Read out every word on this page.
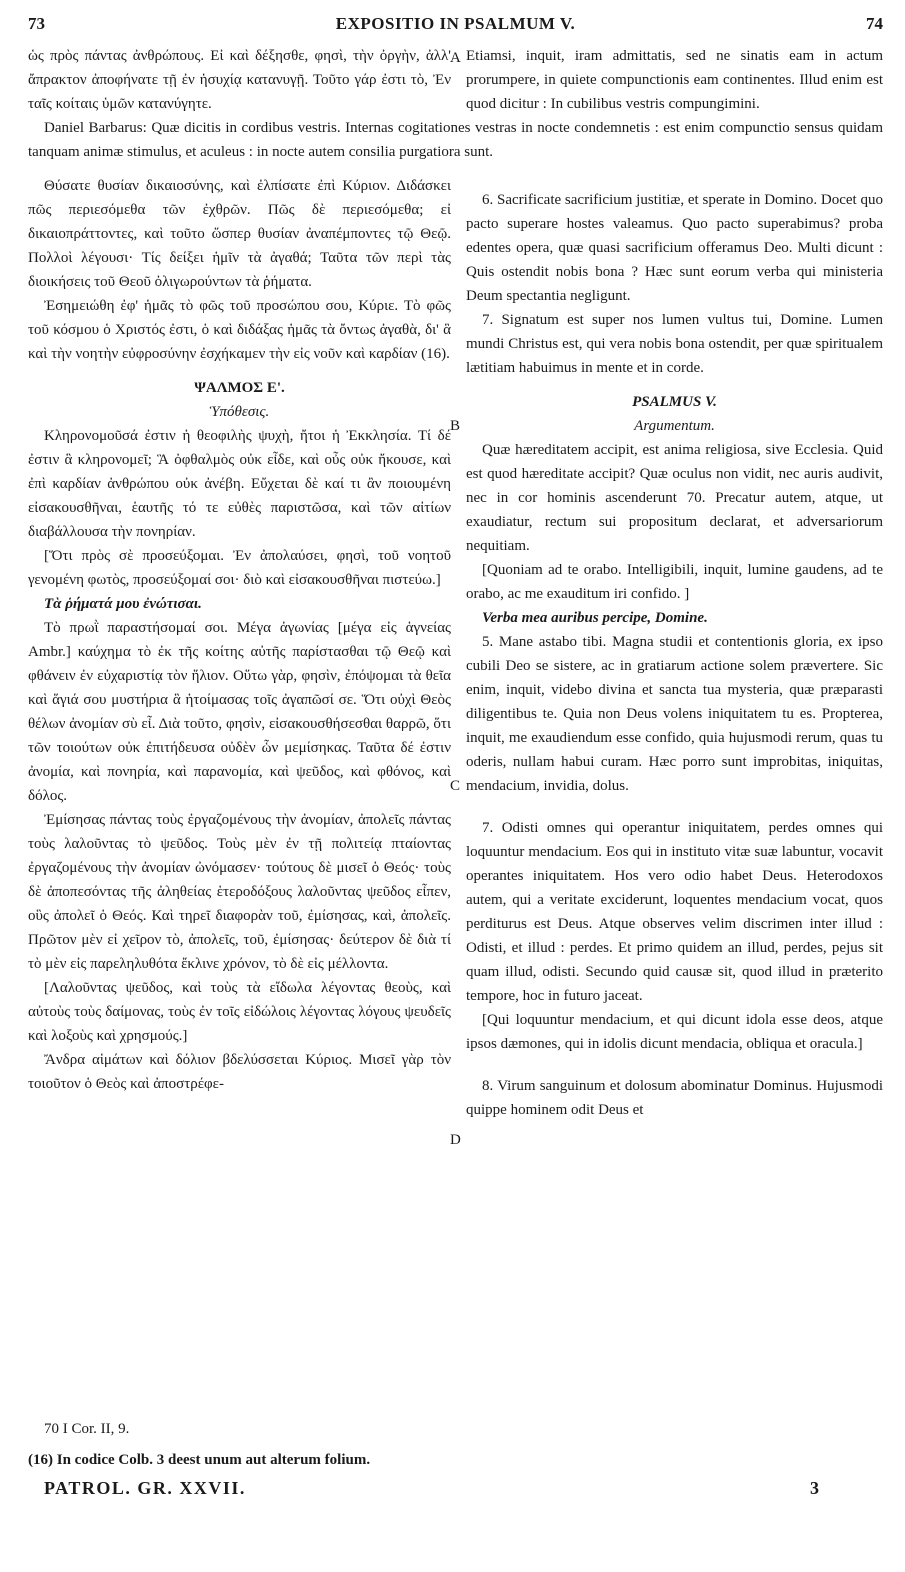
73	EXPOSITIO IN PSALMUM V.	74

ὡς πρὸς πάντας ἀνθρώπους. Εἰ καὶ δέξησθε, φησὶ, τὴν ὀργὴν, ἀλλ' ἄπρακτον ἀποφήνατε τῇ ἐν ἡσυχίᾳ κατανυγῇ. Τοῦτο γάρ ἐστι τὸ, Ἐν ταῖς κοίταις ὑμῶν κατανύγητε.

Daniel Barbarus: Quæ dicitis in cordibus vestris. Internas cogitationes vestras in nocte condemnetis : est enim compunctio sensus quidam tanquam animæ stimulus, et aculeus : in nocte autem consilia purgatiora sunt.

Θύσατε θυσίαν δικαιοσύνης, καὶ ἐλπίσατε ἐπὶ Κύριον. Διδάσκει πῶς περιεσόμεθα τῶν ἐχθρῶν. Πῶς δὲ περιεσόμεθα; εἰ δικαιοπράττοντες, καὶ τοῦτο ὥσπερ θυσίαν ἀναπέμποντες τῷ Θεῷ. Πολλοὶ λέγουσι· Τίς δείξει ἡμῖν τὰ ἀγαθά; Ταῦτα τῶν περὶ τὰς διοικήσεις τοῦ Θεοῦ ὀλιγωρούντων τὰ ῥήματα.

Ἐσημειώθη ἐφ' ἡμᾶς τὸ φῶς τοῦ προσώπου σου, Κύριε. Τὸ φῶς τοῦ κόσμου ὁ Χριστός ἐστι, ὁ καὶ διδάξας ἡμᾶς τὰ ὄντως ἀγαθὰ, δι' ἃ καὶ τὴν νοητὴν εὐφροσύνην ἐσχήκαμεν τὴν εἰς νοῦν καὶ καρδίαν (16).

ΨΑΛΜΟΣ Ε'.

Ὑπόθεσις.

Κληρονομοῦσά ἐστιν ἡ θεοφιλὴς ψυχὴ, ἤτοι ἡ Ἐκκλησία. Τί δέ ἐστιν ἃ κληρονομεῖ; Ἃ ὀφθαλμὸς οὐκ εἶδε, καὶ οὖς οὐκ ἤκουσε, καὶ ἐπὶ καρδίαν ἀνθρώπου οὐκ ἀνέβη. Εὔχεται δὲ καί τι ἂν ποιουμένη εἰσακουσθῆναι, ἑαυτῆς τό τε εὐθὲς παριστῶσα, καὶ τῶν αἰτίων διαβάλλουσα τὴν πονηρίαν.

[Ὅτι πρὸς σὲ προσεύξομαι. Ἐν ἀπολαύσει, φησὶ, τοῦ νοητοῦ γενομένη φωτὸς, προσεύξομαί σοι· διὸ καὶ εἰσακουσθῆναι πιστεύω.]

Τὰ ῥήματά μου ἐνώτισαι.

Τὸ πρωῒ παραστήσομαί σοι. Μέγα ἀγωνίας [μέγα εἰς ἁγνείας Ambr.] καύχημα τὸ ἐκ τῆς κοίτης αὐτῆς παρίστασθαι τῷ Θεῷ καὶ φθάνειν ἐν εὐχαριστίᾳ τὸν ἥλιον. Οὕτω γὰρ, φησὶν, ἐπόψομαι τὰ θεῖα καὶ ἅγιά σου μυστήρια ἃ ἡτοίμασας τοῖς ἀγαπῶσί σε. Ὅτι οὐχὶ Θεὸς θέλων ἀνομίαν σὺ εἶ. Διὰ τοῦτο, φησὶν, εἰσακουσθήσεσθαι θαρρῶ, ὅτι τῶν τοιούτων οὐκ ἐπιτήδευσα οὐδὲν ὧν μεμίσηκας. Ταῦτα δέ ἐστιν ἀνομία, καὶ πονηρία, καὶ παρανομία, καὶ ψεῦδος, καὶ φθόνος, καὶ δόλος.

Ἐμίσησας πάντας τοὺς ἐργαζομένους τὴν ἀνομίαν, ἀπολεῖς πάντας τοὺς λαλοῦντας τὸ ψεῦδος. Τοὺς μὲν ἐν τῇ πολιτείᾳ πταίοντας ἐργαζομένους τὴν ἀνομίαν ὠνόμασεν· τούτους δὲ μισεῖ ὁ Θεός· τοὺς δὲ ἀποπεσόντας τῆς ἀληθείας ἑτεροδόξους λαλοῦντας ψεῦδος εἶπεν, οὓς ἀπολεῖ ὁ Θεός. Καὶ τηρεῖ διαφορὰν τοῦ, ἐμίσησας, καὶ, ἀπολεῖς. Πρῶτον μὲν εἰ χεῖρον τὸ, ἀπολεῖς, τοῦ, ἐμίσησας· δεύτερον δὲ διὰ τί τὸ μὲν εἰς παρεληλυθότα ἔκλινε χρόνον, τὸ δὲ εἰς μέλλοντα.

[Λαλοῦντας ψεῦδος, καὶ τοὺς τὰ εἴδωλα λέγοντας θεοὺς, καὶ αὐτοὺς τοὺς δαίμονας, τοὺς ἐν τοῖς εἰδώλοις λέγοντας λόγους ψευδεῖς καὶ λοξοὺς καὶ χρησμούς.]

Ἄνδρα αἱμάτων καὶ δόλιον βδελύσσεται Κύριος. Μισεῖ γὰρ τὸν τοιοῦτον ὁ Θεὸς καὶ ἀποστρέφε-

Etiamsi, inquit, iram admittatis, sed ne sinatis eam in actum prorumpere, in quiete compunctionis eam continentes. Illud enim est quod dicitur : In cubilibus vestris compungimini.

6. Sacrificate sacrificium justitiæ, et sperate in Domino. Docet quo pacto superare hostes valeamus. Quo pacto superabimus? proba edentes opera, quæ quasi sacrificium offeramus Deo. Multi dicunt : Quis ostendit nobis bona ? Hæc sunt eorum verba qui ministeria Deum spectantia negligunt.

7. Signatum est super nos lumen vultus tui, Domine. Lumen mundi Christus est, qui vera nobis bona ostendit, per quæ spiritualem lætitiam habuimus in mente et in corde.

PSALMUS V.

Argumentum.

Quæ hæreditatem accipit, est anima religiosa, sive Ecclesia. Quid est quod hæreditate accipit? Quæ oculus non vidit, nec auris audivit, nec in cor hominis ascenderunt 70. Precatur autem, atque, ut exaudiatur, rectum sui propositum declarat, et adversariorum nequitiam.

[Quoniam ad te orabo. Intelligibili, inquit, lumine gaudens, ad te orabo, ac me exauditum iri confido. ]

Verba mea auribus percipe, Domine.

5. Mane astabo tibi. Magna studii et contentionis gloria, ex ipso cubili Deo se sistere, ac in gratiarum actione solem prævertere. Sic enim, inquit, videbo divina et sancta tua mysteria, quæ præparasti diligentibus te. Quia non Deus volens iniquitatem tu es. Propterea, inquit, me exaudiendum esse confido, quia hujusmodi rerum, quas tu oderis, nullam habui curam. Hæc porro sunt improbitas, iniquitas, mendacium, invidia, dolus.

7. Odisti omnes qui operantur iniquitatem, perdes omnes qui loquuntur mendacium. Eos qui in instituto vitæ suæ labuntur, vocavit operantes iniquitatem. Hos vero odio habet Deus. Heterodoxos autem, qui a veritate exciderunt, loquentes mendacium vocat, quos perditurus est Deus. Atque observes velim discrimen inter illud : Odisti, et illud : perdes. Et primo quidem an illud, perdes, pejus sit quam illud, odisti. Secundo quid causæ sit, quod illud in præterito tempore, hoc in futuro jaceat.

[Qui loquuntur mendacium, et qui dicunt idola esse deos, atque ipsos dæmones, qui in idolis dicunt mendacia, obliqua et oracula.]

8. Virum sanguinum et dolosum abominatur Dominus. Hujusmodi quippe hominem odit Deus et

A
B
C
D
70 I Cor. II, 9.
(16) In codice Colb. 3 deest unum aut alterum folium.
PATROL. GR. XXVII.	3
